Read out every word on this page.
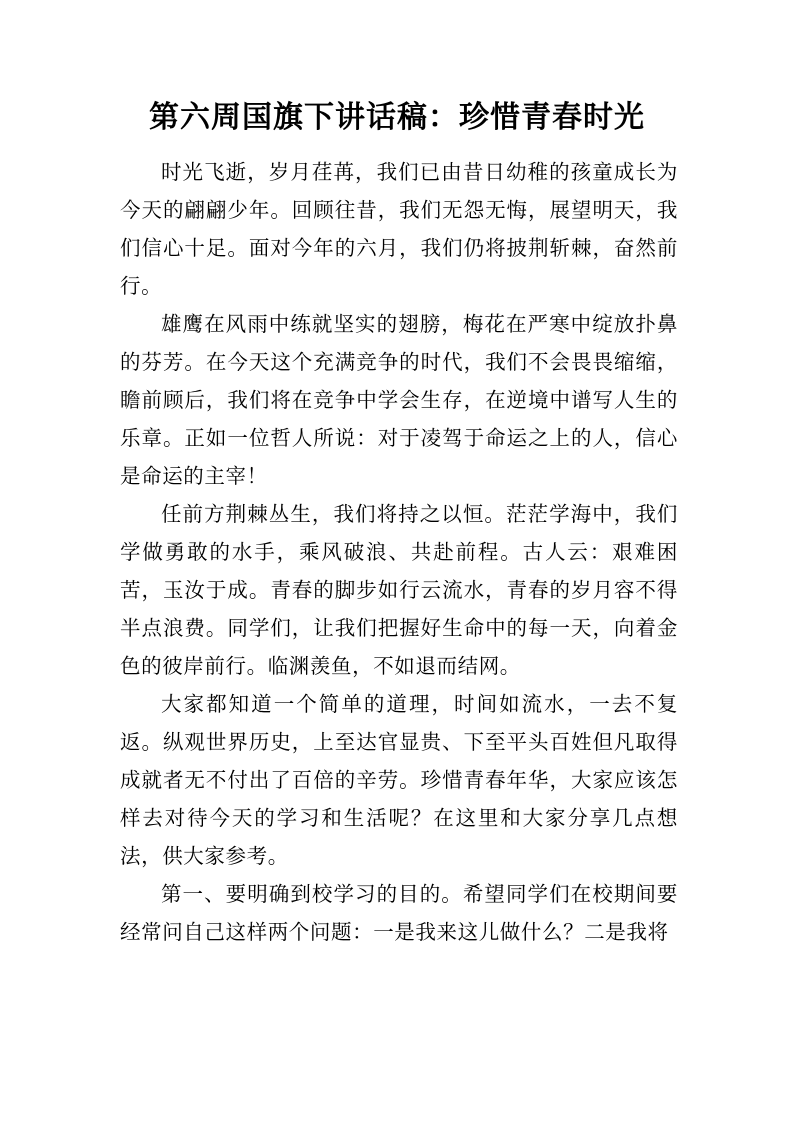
第六周国旗下讲话稿：珍惜青春时光

时光飞逝，岁月荏苒，我们已由昔日幼稚的孩童成长为今天的翩翩少年。回顾往昔，我们无怨无悔，展望明天，我们信心十足。面对今年的六月，我们仍将披荆斩棘，奋然前行。

雄鹰在风雨中练就坚实的翅膀，梅花在严寒中绽放扑鼻的芬芳。在今天这个充满竞争的时代，我们不会畏畏缩缩，瞻前顾后，我们将在竞争中学会生存，在逆境中谱写人生的乐章。正如一位哲人所说：对于凌驾于命运之上的人，信心是命运的主宰！

任前方荆棘丛生，我们将持之以恒。茫茫学海中，我们学做勇敢的水手，乘风破浪、共赴前程。古人云：艰难困苦，玉汝于成。青春的脚步如行云流水，青春的岁月容不得半点浪费。同学们，让我们把握好生命中的每一天，向着金色的彼岸前行。临渊羡鱼，不如退而结网。

大家都知道一个简单的道理，时间如流水，一去不复返。纵观世界历史，上至达官显贵、下至平头百姓但凡取得成就者无不付出了百倍的辛劳。珍惜青春年华，大家应该怎样去对待今天的学习和生活呢？在这里和大家分享几点想法，供大家参考。

第一、要明确到校学习的目的。希望同学们在校期间要经常问自己这样两个问题：一是我来这儿做什么？二是我将
